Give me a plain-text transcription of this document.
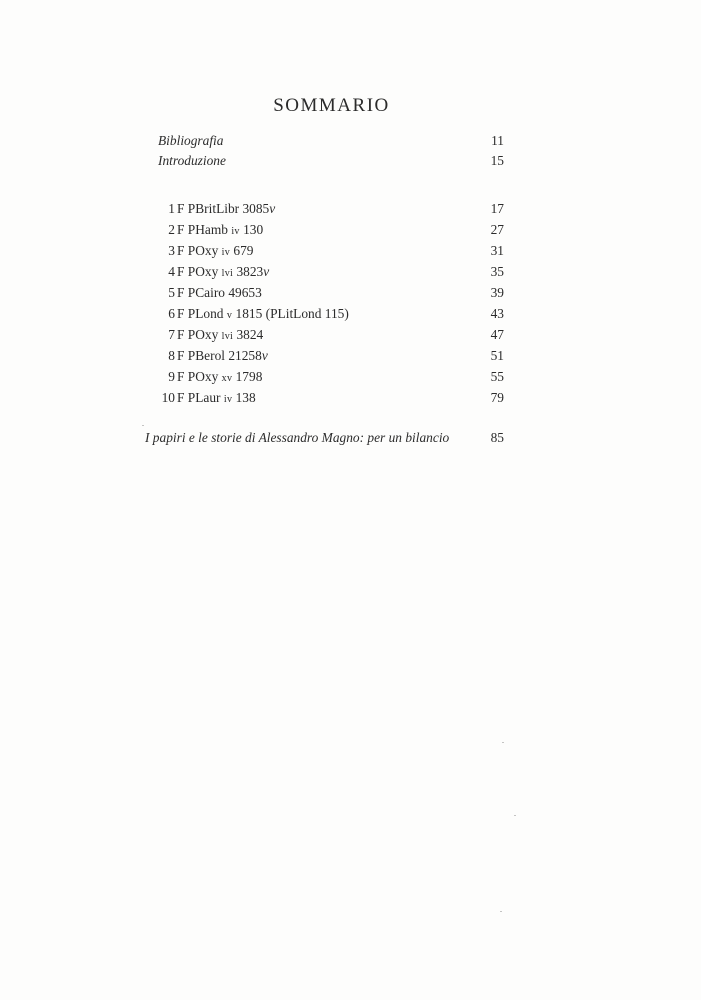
SOMMARIO
Bibliografia	11
Introduzione	15
1 F PBritLibr 3085v	17
2 F PHamb iv 130	27
3 F POxy iv 679	31
4 F POxy lvi 3823v	35
5 F PCairo 49653	39
6 F PLond v 1815 (PLitLond 115)	43
7 F POxy lvi 3824	47
8 F PBerol 21258v	51
9 F POxy xv 1798	55
10 F PLaur iv 138	79
I papiri e le storie di Alessandro Magno: per un bilancio	85
